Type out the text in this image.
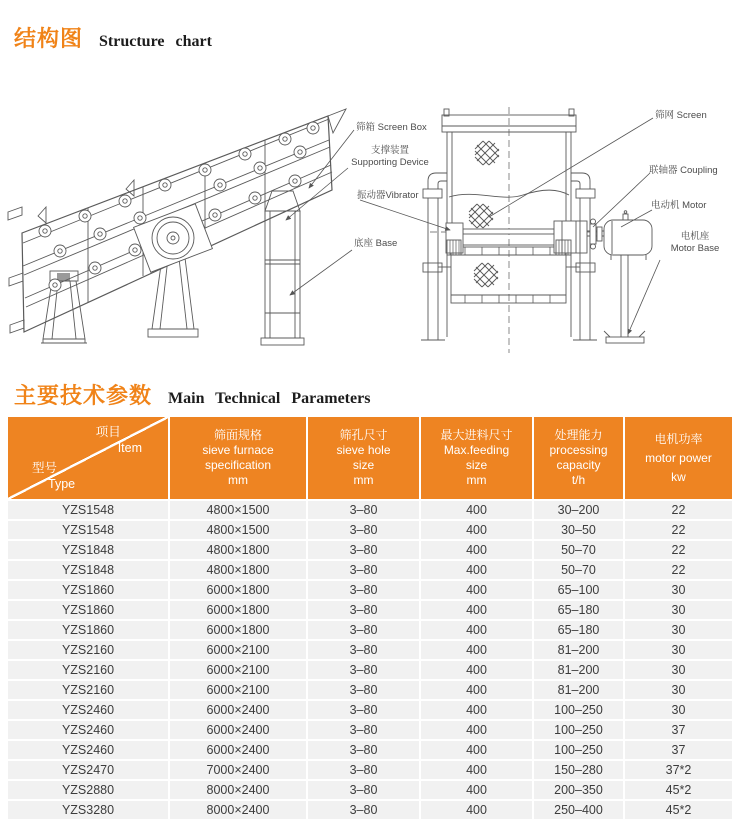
结构图 Structure chart
筛箱 Screen Box
支撑装置
Supporting Device
振动器Vibrator
底座 Base
筛网 Screen
联轴器 Coupling
电动机 Motor
电机座
Motor Base
主要技术参数 Main Technical Parameters
项目
Item
型号
Type	筛面规格
sieve furnace
specification
mm	筛孔尺寸
sieve hole
size
mm	最大进料尺寸
Max.feeding
size
mm	处理能力
processing
capacity
t/h	电机功率
motor power
kw

YZS1548	4800×1500	3–80	400	30–200	22
YZS1548	4800×1500	3–80	400	30–50	22
YZS1848	4800×1800	3–80	400	50–70	22
YZS1848	4800×1800	3–80	400	50–70	22
YZS1860	6000×1800	3–80	400	65–100	30
YZS1860	6000×1800	3–80	400	65–180	30
YZS1860	6000×1800	3–80	400	65–180	30
YZS2160	6000×2100	3–80	400	81–200	30
YZS2160	6000×2100	3–80	400	81–200	30
YZS2160	6000×2100	3–80	400	81–200	30
YZS2460	6000×2400	3–80	400	100–250	30
YZS2460	6000×2400	3–80	400	100–250	37
YZS2460	6000×2400	3–80	400	100–250	37
YZS2470	7000×2400	3–80	400	150–280	37*2
YZS2880	8000×2400	3–80	400	200–350	45*2
YZS3280	8000×2400	3–80	400	250–400	45*2
